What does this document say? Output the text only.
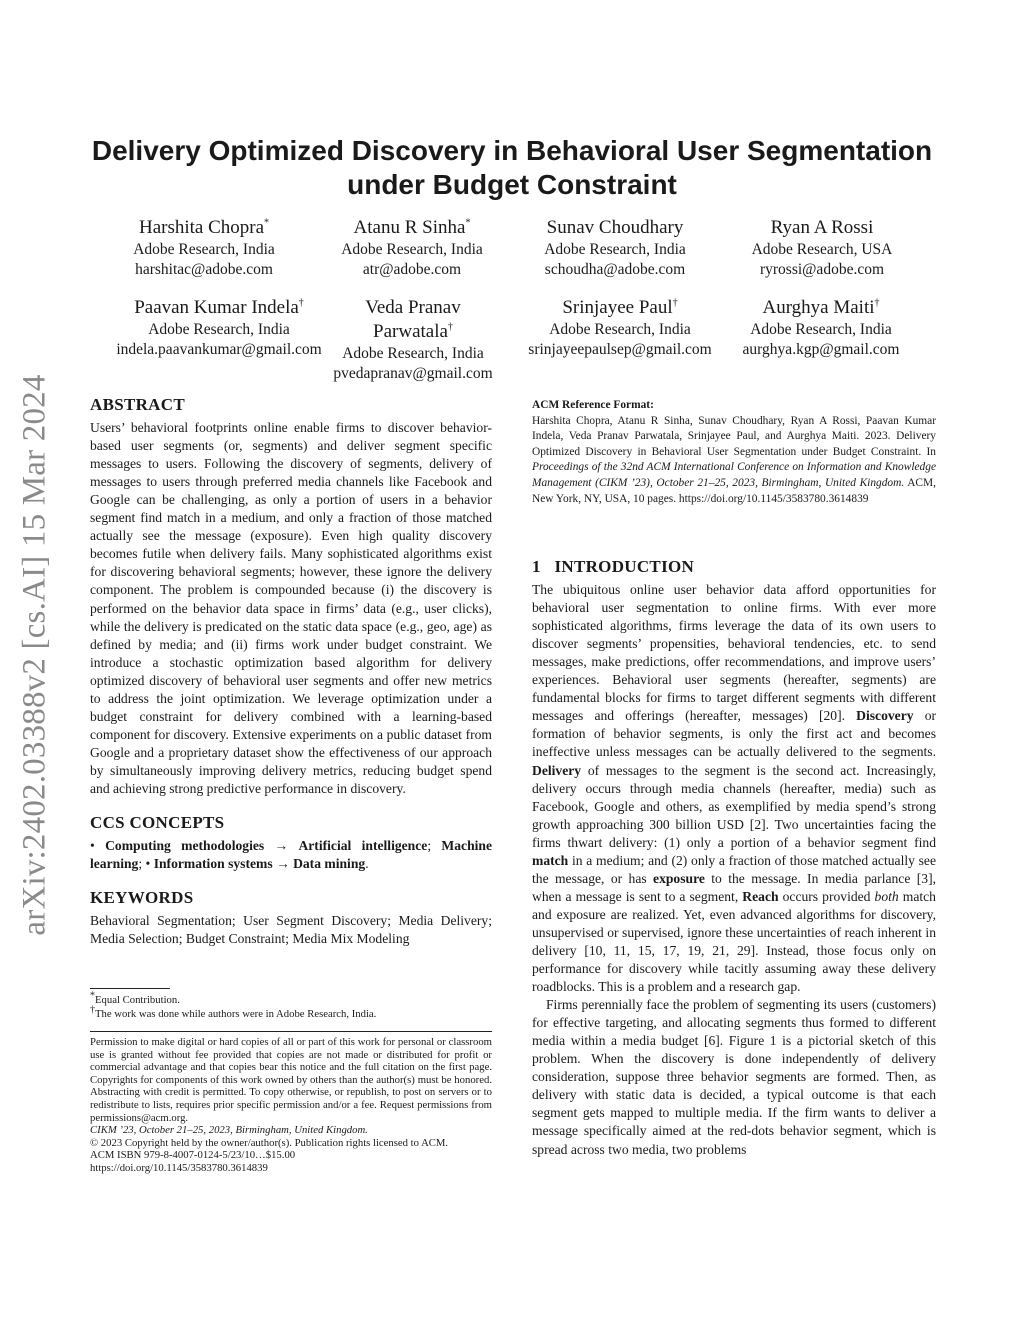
arXiv:2402.03388v2 [cs.AI] 15 Mar 2024
Delivery Optimized Discovery in Behavioral User Segmentation
under Budget Constraint
Harshita Chopra*
Adobe Research, India
harshitac@adobe.com
Atanu R Sinha*
Adobe Research, India
atr@adobe.com
Sunav Choudhary
Adobe Research, India
schoudha@adobe.com
Ryan A Rossi
Adobe Research, USA
ryrossi@adobe.com
Paavan Kumar Indela†
Adobe Research, India
indela.paavankumar@gmail.com
Veda Pranav
Parwatala†
Adobe Research, India
pvedapranav@gmail.com
Srinjayee Paul†
Adobe Research, India
srinjayeepaulsep@gmail.com
Aurghya Maiti†
Adobe Research, India
aurghya.kgp@gmail.com
ABSTRACT

Users’ behavioral footprints online enable firms to discover behavior-based user segments (or, segments) and deliver segment specific messages to users. Following the discovery of segments, delivery of messages to users through preferred media channels like Facebook and Google can be challenging, as only a portion of users in a behavior segment find match in a medium, and only a fraction of those matched actually see the message (exposure). Even high quality discovery becomes futile when delivery fails. Many sophisticated algorithms exist for discovering behavioral segments; however, these ignore the delivery component. The problem is compounded because (i) the discovery is performed on the behavior data space in firms’ data (e.g., user clicks), while the delivery is predicated on the static data space (e.g., geo, age) as defined by media; and (ii) firms work under budget constraint. We introduce a stochastic optimization based algorithm for delivery optimized discovery of behavioral user segments and offer new metrics to address the joint optimization. We leverage optimization under a budget constraint for delivery combined with a learning-based component for discovery. Extensive experiments on a public dataset from Google and a proprietary dataset show the effectiveness of our approach by simultaneously improving delivery metrics, reducing budget spend and achieving strong predictive performance in discovery.

CCS CONCEPTS

• Computing methodologies → Artificial intelligence; Machine learning; • Information systems → Data mining.

KEYWORDS

Behavioral Segmentation; User Segment Discovery; Media Delivery; Media Selection; Budget Constraint; Media Mix Modeling

*Equal Contribution.
†The work was done while authors were in Adobe Research, India.

Permission to make digital or hard copies of all or part of this work for personal or classroom use is granted without fee provided that copies are not made or distributed for profit or commercial advantage and that copies bear this notice and the full citation on the first page. Copyrights for components of this work owned by others than the author(s) must be honored. Abstracting with credit is permitted. To copy otherwise, or republish, to post on servers or to redistribute to lists, requires prior specific permission and/or a fee. Request permissions from permissions@acm.org.

CIKM ’23, October 21–25, 2023, Birmingham, United Kingdom.

© 2023 Copyright held by the owner/author(s). Publication rights licensed to ACM.

ACM ISBN 979-8-4007-0124-5/23/10…$15.00

https://doi.org/10.1145/3583780.3614839

ACM Reference Format:

Harshita Chopra, Atanu R Sinha, Sunav Choudhary, Ryan A Rossi, Paavan Kumar Indela, Veda Pranav Parwatala, Srinjayee Paul, and Aurghya Maiti. 2023. Delivery Optimized Discovery in Behavioral User Segmentation under Budget Constraint. In Proceedings of the 32nd ACM International Conference on Information and Knowledge Management (CIKM ’23), October 21–25, 2023, Birmingham, United Kingdom. ACM, New York, NY, USA, 10 pages. https://doi.org/10.1145/3583780.3614839

1 INTRODUCTION

The ubiquitous online user behavior data afford opportunities for behavioral user segmentation to online firms. With ever more sophisticated algorithms, firms leverage the data of its own users to discover segments’ propensities, behavioral tendencies, etc. to send messages, make predictions, offer recommendations, and improve users’ experiences. Behavioral user segments (hereafter, segments) are fundamental blocks for firms to target different segments with different messages and offerings (hereafter, messages) [20]. Discovery or formation of behavior segments, is only the first act and becomes ineffective unless messages can be actually delivered to the segments. Delivery of messages to the segment is the second act. Increasingly, delivery occurs through media channels (hereafter, media) such as Facebook, Google and others, as exemplified by media spend’s strong growth approaching 300 billion USD [2]. Two uncertainties facing the firms thwart delivery: (1) only a portion of a behavior segment find match in a medium; and (2) only a fraction of those matched actually see the message, or has exposure to the message. In media parlance [3], when a message is sent to a segment, Reach occurs provided both match and exposure are realized. Yet, even advanced algorithms for discovery, unsupervised or supervised, ignore these uncertainties of reach inherent in delivery [10, 11, 15, 17, 19, 21, 29]. Instead, those focus only on performance for discovery while tacitly assuming away these delivery roadblocks. This is a problem and a research gap.

Firms perennially face the problem of segmenting its users (customers) for effective targeting, and allocating segments thus formed to different media within a media budget [6]. Figure 1 is a pictorial sketch of this problem. When the discovery is done independently of delivery consideration, suppose three behavior segments are formed. Then, as delivery with static data is decided, a typical outcome is that each segment gets mapped to multiple media. If the firm wants to deliver a message specifically aimed at the red-dots behavior segment, which is spread across two media, two problems
